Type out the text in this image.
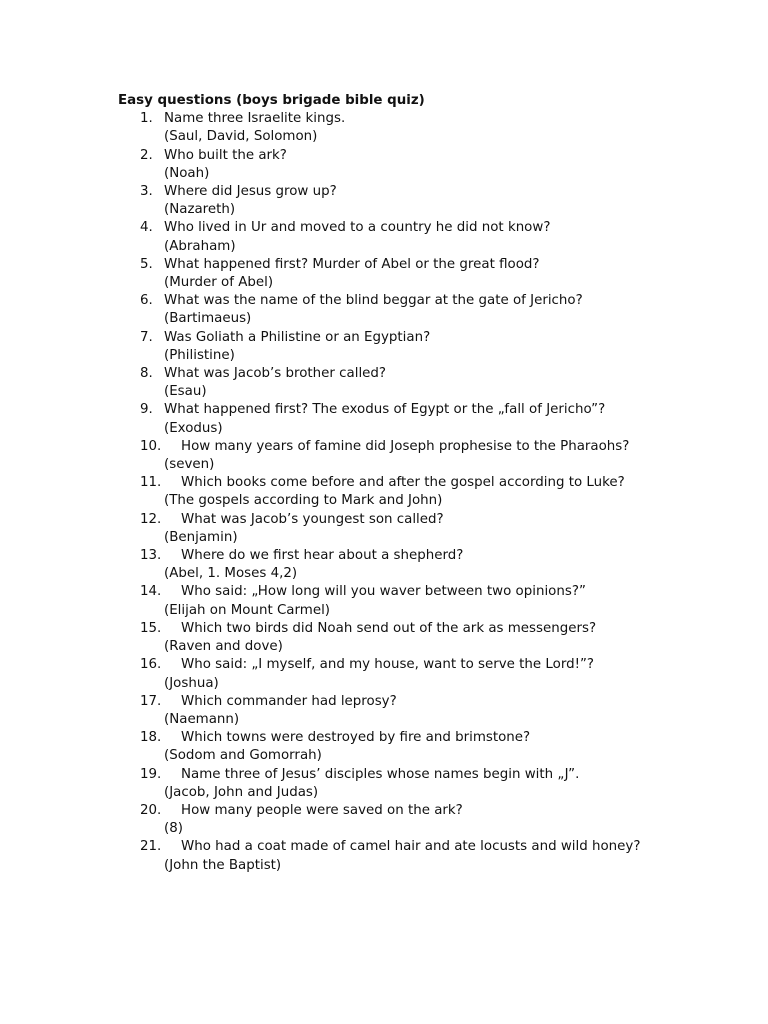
Easy questions (boys brigade bible quiz)
1. Name three Israelite kings.
(Saul, David, Solomon)
2. Who built the ark?
(Noah)
3. Where did Jesus grow up?
(Nazareth)
4. Who lived in Ur and moved to a country he did not know?
(Abraham)
5. What happened first? Murder of Abel or the great flood?
(Murder of Abel)
6. What was the name of the blind beggar at the gate of Jericho?
(Bartimaeus)
7. Was Goliath a Philistine or an Egyptian?
(Philistine)
8. What was Jacob’s brother called?
(Esau)
9. What happened first? The exodus of Egypt or the „fall of Jericho”?
(Exodus)
10.	How many years of famine did Joseph prophesise to the Pharaohs?
(seven)
11.	Which books come before and after the gospel according to Luke?
(The gospels according to Mark and John)
12.	What was Jacob’s youngest son called?
(Benjamin)
13.	Where do we first hear about a shepherd?
(Abel, 1. Moses 4,2)
14.	Who said: „How long will you waver between two opinions?”
(Elijah on Mount Carmel)
15.	Which two birds did Noah send out of the ark as messengers?
(Raven and dove)
16.	Who said: „I myself, and my house, want to serve the Lord!”?
(Joshua)
17.	Which commander had leprosy?
(Naemann)
18.	Which towns were destroyed by fire and brimstone?
(Sodom and Gomorrah)
19.	Name three of Jesus’ disciples whose names begin with „J”.
(Jacob, John and Judas)
20.	How many people were saved on the ark?
(8)
21.	Who had a coat made of camel hair and ate locusts and wild honey?
(John the Baptist)
